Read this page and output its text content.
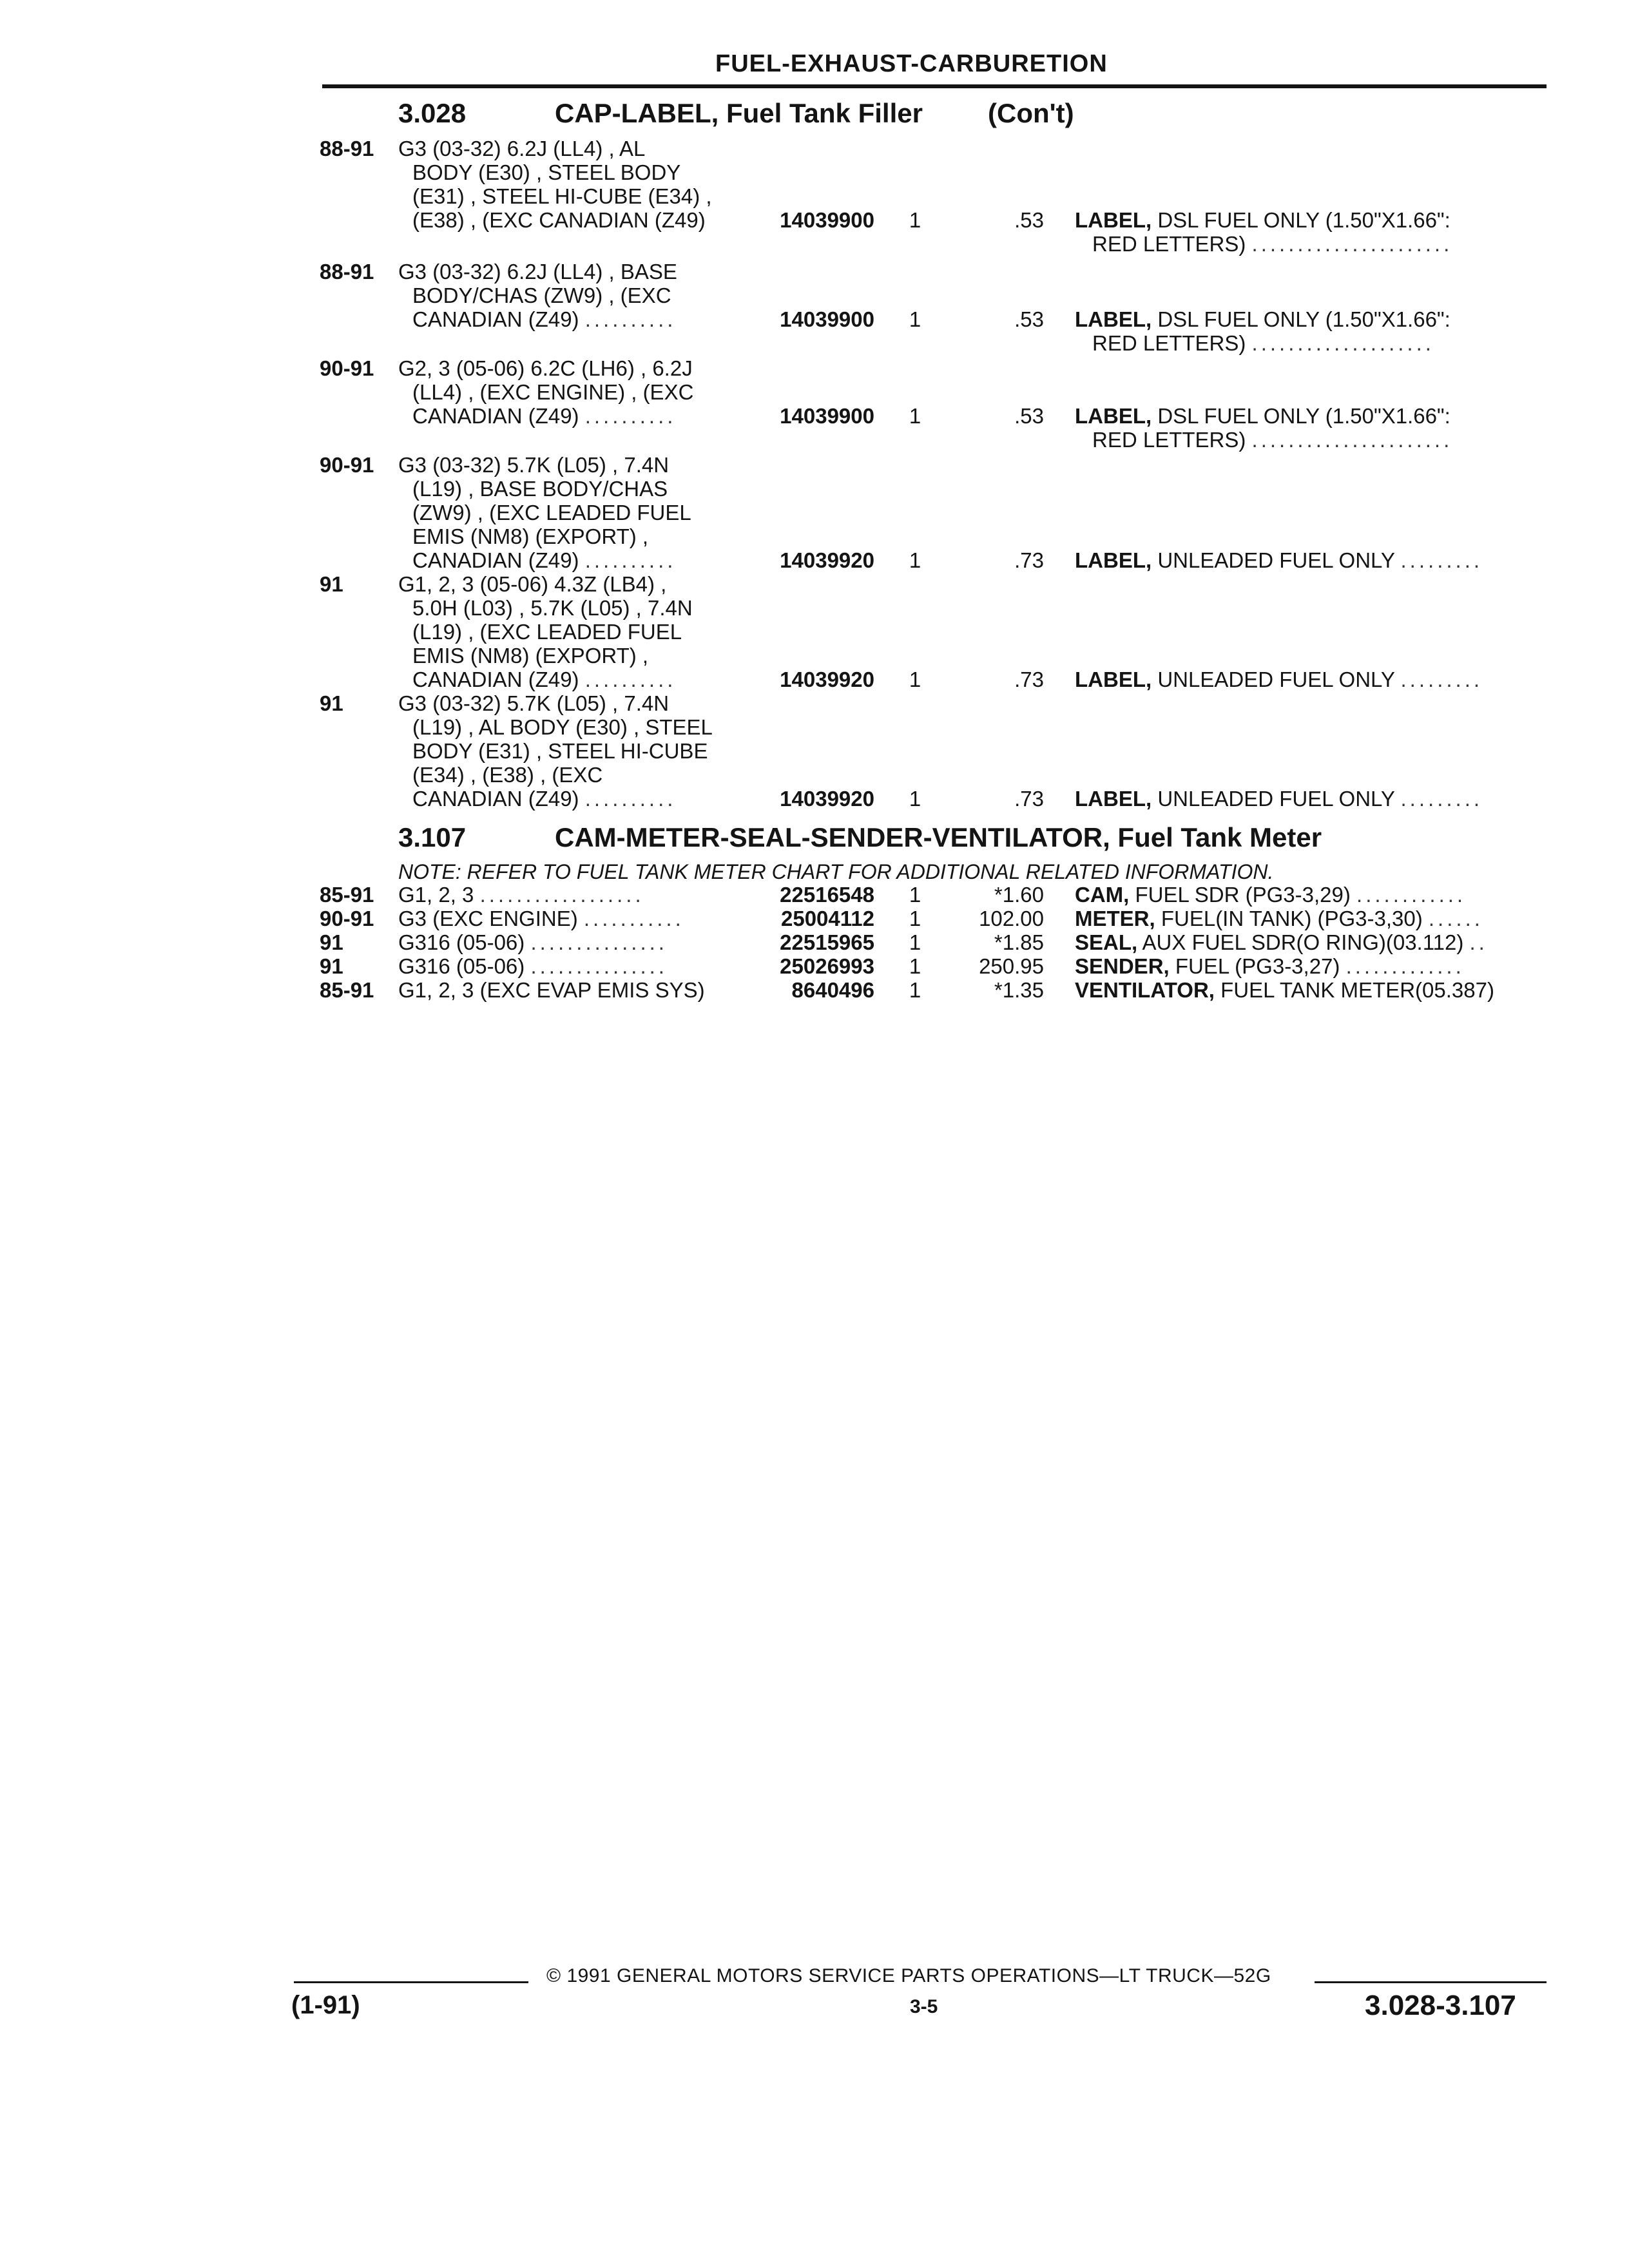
FUEL-EXHAUST-CARBURETION
3.028	CAP-LABEL, Fuel Tank Filler (Con't)
88-91 G3 (03-32) 6.2J (LL4) , AL
BODY (E30) , STEEL BODY
(E31) , STEEL HI-CUBE (E34) ,
(E38) , (EXC CANADIAN (Z49)	14039900 1	.53 LABEL, DSL FUEL ONLY (1.50"X1.66":
RED LETTERS) ......................
88-91 G3 (03-32) 6.2J (LL4) , BASE
BODY/CHAS (ZW9) , (EXC
CANADIAN (Z49) ..........	14039900 1	.53 LABEL, DSL FUEL ONLY (1.50"X1.66":
RED LETTERS) ....................
90-91 G2, 3 (05-06) 6.2C (LH6) , 6.2J
(LL4) , (EXC ENGINE) , (EXC
CANADIAN (Z49) ..........	14039900 1	.53 LABEL, DSL FUEL ONLY (1.50"X1.66":
RED LETTERS) ......................
90-91 G3 (03-32) 5.7K (L05) , 7.4N
(L19) , BASE BODY/CHAS
(ZW9) , (EXC LEADED FUEL
EMIS (NM8) (EXPORT) ,
CANADIAN (Z49) ..........	14039920 1	.73 LABEL, UNLEADED FUEL ONLY .........
91	G1, 2, 3 (05-06) 4.3Z (LB4) ,
5.0H (L03) , 5.7K (L05) , 7.4N
(L19) , (EXC LEADED FUEL
EMIS (NM8) (EXPORT) ,
CANADIAN (Z49) ..........	14039920 1	.73 LABEL, UNLEADED FUEL ONLY .........
91	G3 (03-32) 5.7K (L05) , 7.4N
(L19) , AL BODY (E30) , STEEL
BODY (E31) , STEEL HI-CUBE
(E34) , (E38) , (EXC
CANADIAN (Z49) ..........	14039920 1	.73 LABEL, UNLEADED FUEL ONLY .........
3.107	CAM-METER-SEAL-SENDER-VENTILATOR, Fuel Tank Meter
NOTE: REFER TO FUEL TANK METER CHART FOR ADDITIONAL RELATED INFORMATION.
85-91 G1, 2, 3 ..................	22516548 1	*1.60 CAM, FUEL SDR (PG3-3,29) ............
90-91 G3 (EXC ENGINE) ...........	25004112 1	102.00 METER, FUEL(IN TANK) (PG3-3,30) ......
91	G316 (05-06) ...............	22515965 1	*1.85 SEAL, AUX FUEL SDR(O RING)(03.112) ..
91	G316 (05-06) ...............	25026993 1	250.95 SENDER, FUEL (PG3-3,27) .............
85-91 G1, 2, 3 (EXC EVAP EMIS SYS)	8640496 1	*1.35 VENTILATOR, FUEL TANK METER(05.387)
© 1991 GENERAL MOTORS SERVICE PARTS OPERATIONS—LT TRUCK—52G
(1-91)	3-5	3.028-3.107
